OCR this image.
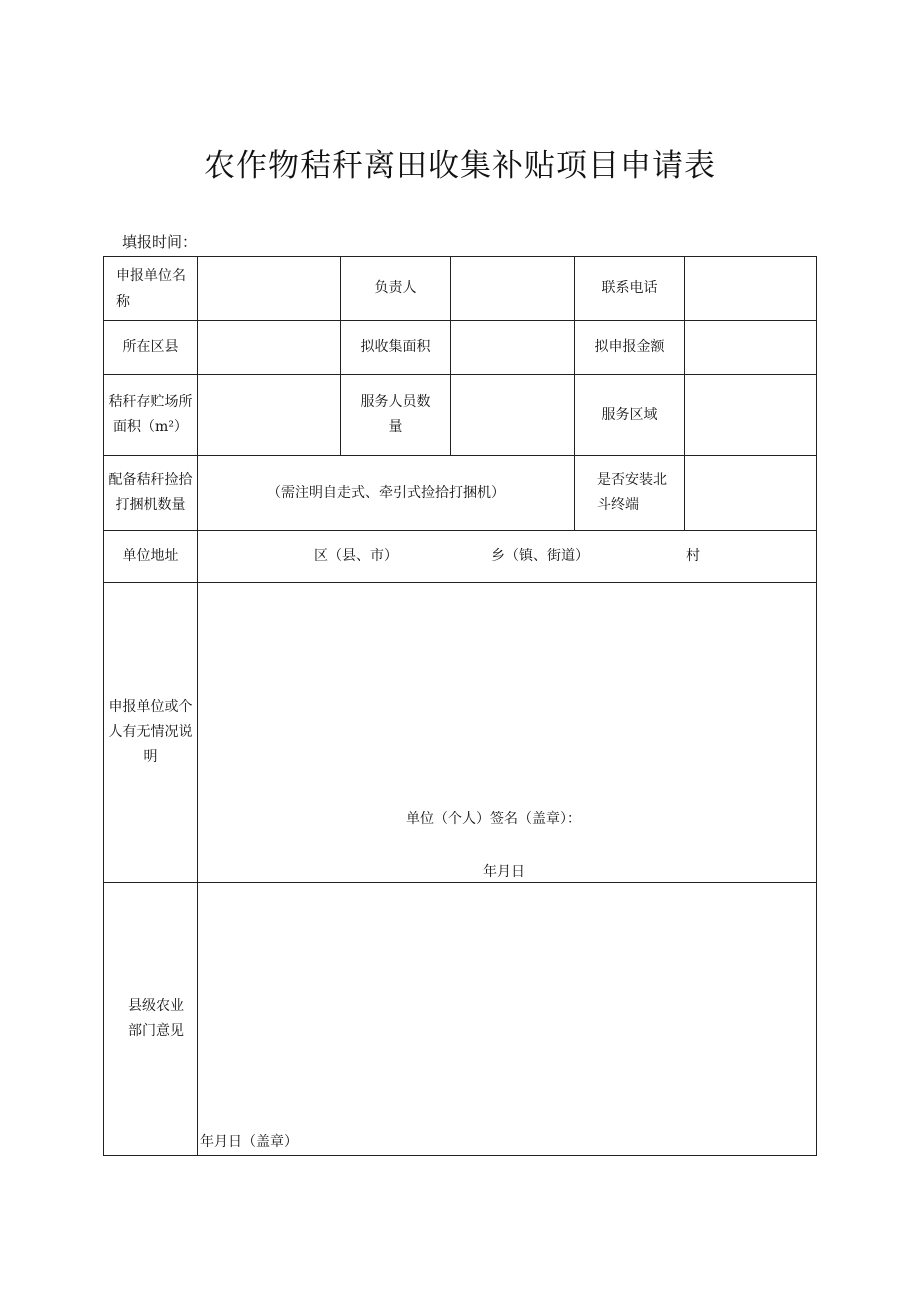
农作物秸秆离田收集补贴项目申请表
填报时间：
申报单位名称		负责人		联系电话	
所在区县		拟收集面积		拟申报金额	
秸秆存贮场所面积（m²）		服务人员数量		服务区域	
配备秸秆捡拾打捆机数量	（需注明自走式、牵引式捡拾打捆机）			是否安装北斗终端	
单位地址	区（县、市） 乡（镇、街道） 村				

申报单位或个人有无情况说明	单位（个人）签名（盖章）：
年月日				

县级农业部门意见	年月日（盖章）				
